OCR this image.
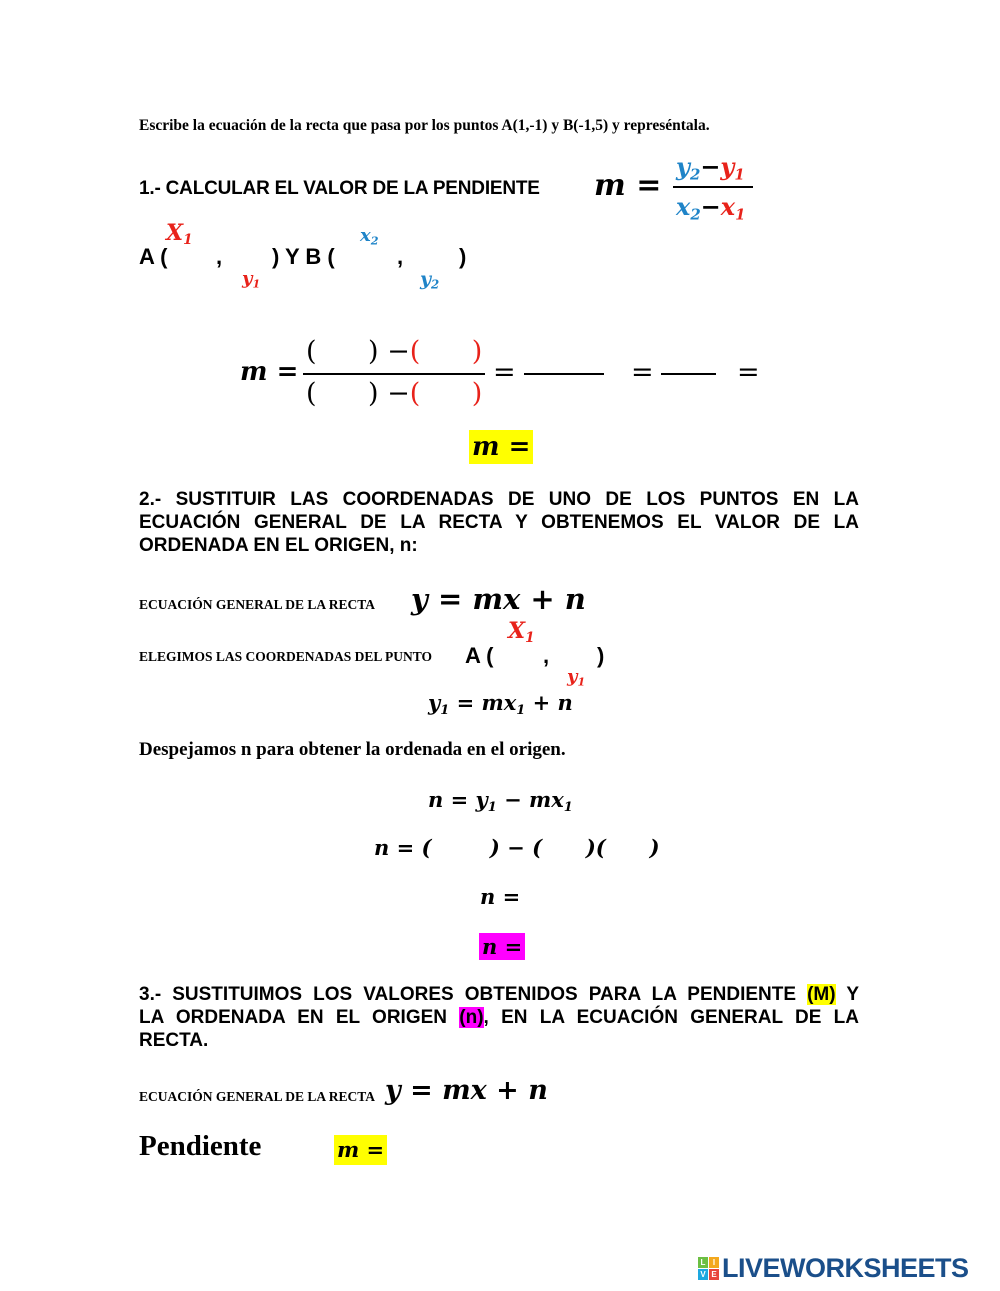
Escribe la ecuación de la recta que pasa por los puntos A(1,-1) y B(-1,5) y represéntala.
1.- CALCULAR EL VALOR DE LA PENDIENTE m =
$y_2-y_1$
$x_2-x_1$
A ( , ) Y B (	,	)
$X_1$
$y_1$
$x_2$
$y_2$
m =
(      ) −(      )
(      ) −(      )
=	=	=
m =
2.- SUSTITUIR LAS COORDENADAS DE UNO DE LOS PUNTOS EN LA
ECUACIÓN GENERAL DE LA RECTA Y OBTENEMOS EL VALOR DE LA
ORDENADA EN EL ORIGEN, n:
ECUACIÓN GENERAL DE LA RECTA y = mx + n
ELEGIMOS LAS COORDENADAS DEL PUNTO A ( , )
$X_1$
$y_1$
$y_1 = mx_1 + n$
Despejamos n para obtener la ordenada en el origen.
$n = y_1 - mx_1$
n = (        ) − (      )(      )
n =
n =
3.- SUSTITUIMOS LOS VALORES OBTENIDOS PARA LA PENDIENTE (M) Y
LA ORDENADA EN EL ORIGEN (n), EN LA ECUACIÓN GENERAL DE LA
RECTA.
ECUACIÓN GENERAL DE LA RECTA y = mx + n
Pendiente	m =
L I
V E LIVEWORKSHEETS
